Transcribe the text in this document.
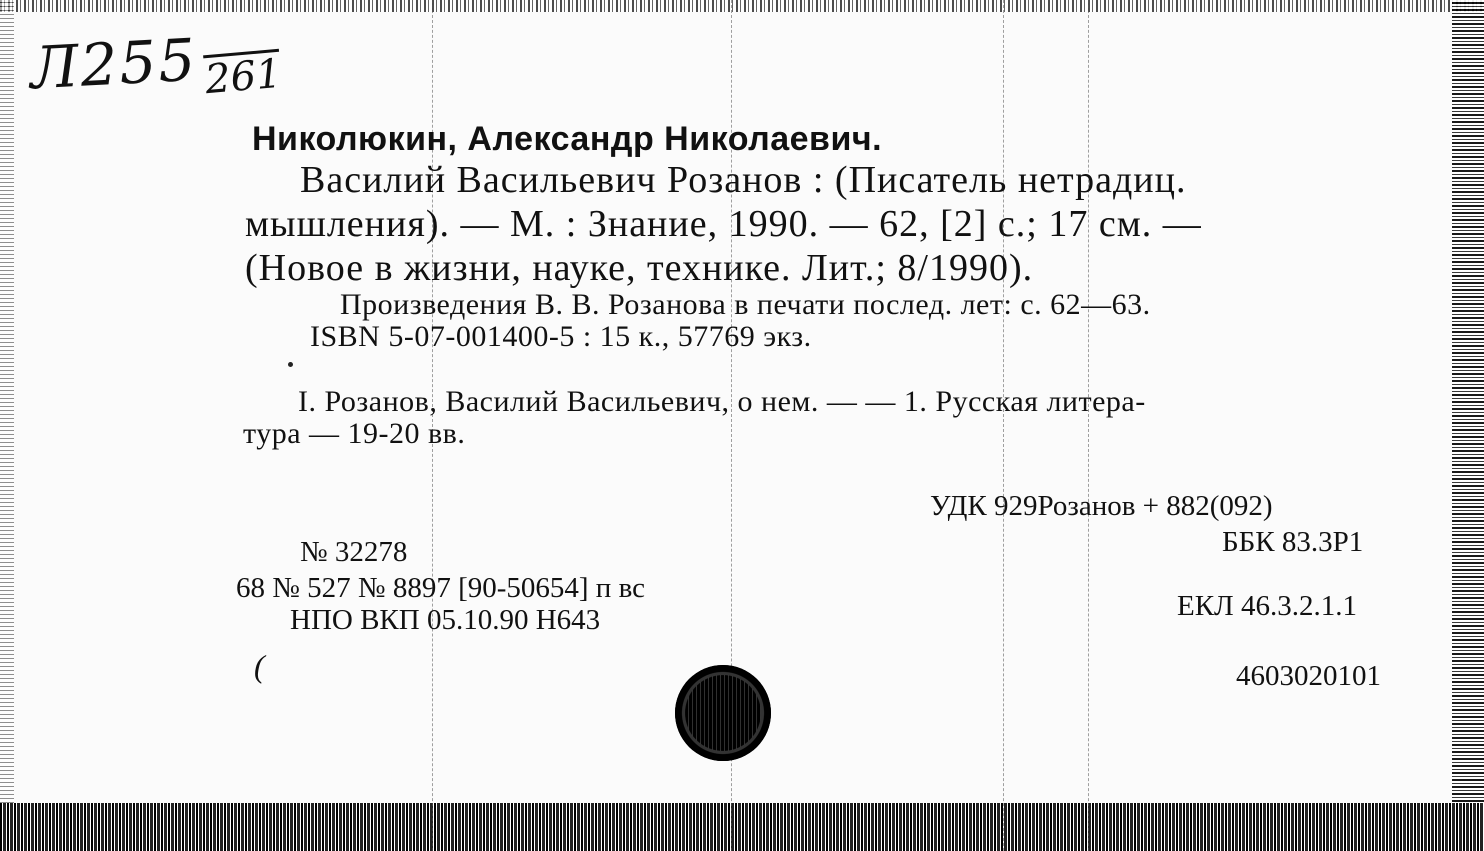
Л255 261
Николюкин, Александр Николаевич.
Василий Васильевич Розанов : (Писатель нетрадиц.
мышления). — М. : Знание, 1990. — 62, [2] с.; 17 см. —
(Новое в жизни, науке, технике. Лит.; 8/1990).
Произведения В. В. Розанова в печати послед. лет: с. 62—63.
ISBN 5-07-001400-5 : 15 к., 57769 экз.
I. Розанов, Василий Васильевич, о нем. — — 1. Русская литера-
тура — 19-20 вв.
УДК 929Розанов + 882(092)
ББК 83.3Р1
№ 32278
68 № 527 № 8897 [90-50654] п вс
НПО ВКП 05.10.90 Н643	ЕКЛ 46.3.2.1.1
4603020101
(
